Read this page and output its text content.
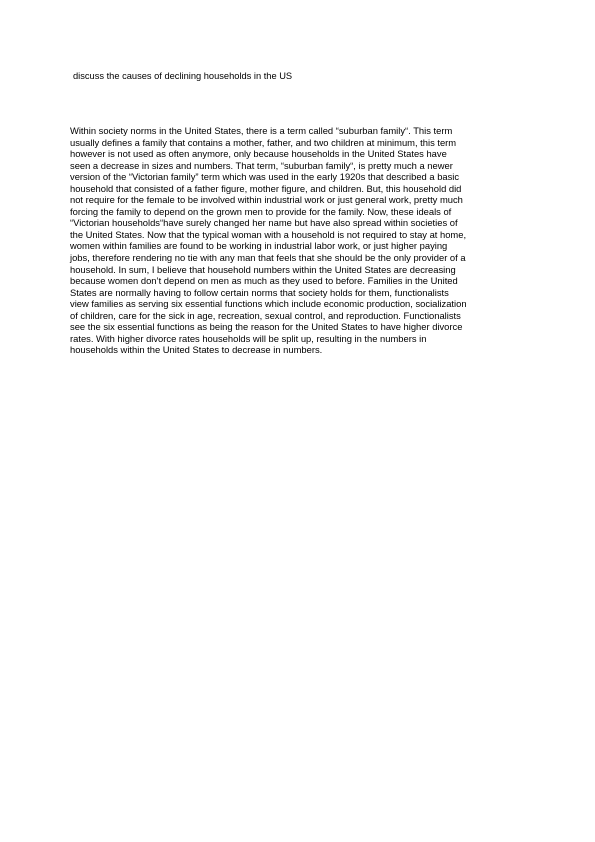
discuss the causes of declining households in the US
Within society norms in the United States, there is a term called “suburban family“. This term
usually defines a family that contains a mother, father, and two children at minimum, this term
however is not used as often anymore, only because households in the United States have
seen a decrease in sizes and numbers. That term, “suburban family“, is pretty much a newer
version of the “Victorian family” term which was used in the early 1920s that described a basic
household that consisted of a father figure, mother figure, and children. But, this household did
not require for the female to be involved within industrial work or just general work, pretty much
forcing the family to depend on the grown men to provide for the family. Now, these ideals of
“Victorian households“have surely changed her name but have also spread within societies of
the United States. Now that the typical woman with a household is not required to stay at home,
women within families are found to be working in industrial labor work, or just higher paying
jobs, therefore rendering no tie with any man that feels that she should be the only provider of a
household. In sum, I believe that household numbers within the United States are decreasing
because women don’t depend on men as much as they used to before. Families in the United
States are normally having to follow certain norms that society holds for them, functionalists
view families as serving six essential functions which include economic production, socialization
of children, care for the sick in age, recreation, sexual control, and reproduction. Functionalists
see the six essential functions as being the reason for the United States to have higher divorce
rates. With higher divorce rates households will be split up, resulting in the numbers in
households within the United States to decrease in numbers.
